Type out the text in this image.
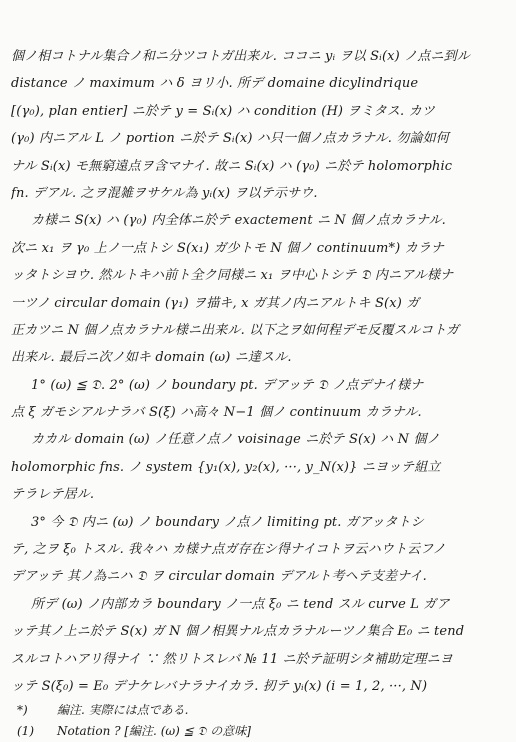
個ノ相コトナル集合ノ和ニ分ツコトガ出来ル. ココニ yᵢ ヲ以 Sᵢ(x) ノ点ニ到ル
distance ノ maximum ハ δ ヨリ小. 所デ domaine dicylindrique
[(γ₀), plan entier] ニ於テ y = Sᵢ(x) ハ condition (H) ヲミタス. カツ
(γ₀) 内ニアル L ノ portion ニ於テ Sᵢ(x) ハ只一個ノ点カラナル. 勿論如何
ナル Sᵢ(x) モ無窮遠点ヲ含マナイ. 故ニ Sᵢ(x) ハ (γ₀) ニ於テ holomorphic
fn. デアル. 之ヲ混雑ヲサケル為 yᵢ(x) ヲ以テ示サウ.
カ様ニ S(x) ハ (γ₀) 内全体ニ於テ exactement ニ N 個ノ点カラナル.
次ニ x₁ ヲ γ₀ 上ノ一点トシ S(x₁) ガ少トモ N 個ノ continuum*) カラナ
ッタトシヨウ. 然ルトキハ前ト全ク同様ニ x₁ ヲ中心トシテ 𝔇 内ニアル様ナ
一ツノ circular domain (γ₁) ヲ描キ, x ガ其ノ内ニアルトキ S(x) ガ
正カツニ N 個ノ点カラナル様ニ出来ル. 以下之ヲ如何程デモ反覆スルコトガ
出来ル. 最后ニ次ノ如キ domain (ω) ニ達スル.
1° (ω) ≦ 𝔇. 2° (ω) ノ boundary pt. デアッテ 𝔇 ノ点デナイ様ナ
点 ξ ガモシアルナラバ S(ξ) ハ高々 N−1 個ノ continuum カラナル.
カカル domain (ω) ノ任意ノ点ノ voisinage ニ於テ S(x) ハ N 個ノ
holomorphic fns. ノ system {y₁(x), y₂(x), ···, y_N(x)} ニヨッテ組立
テラレテ居ル.
3° 今 𝔇 内ニ (ω) ノ boundary ノ点ノ limiting pt. ガアッタトシ
テ, 之ヲ ξ₀ トスル. 我々ハ カ様ナ点ガ存在シ得ナイコトヲ云ハウト云フノ
デアッテ 其ノ為ニハ 𝔇 ヲ circular domain デアルト考ヘテ支差ナイ.
所デ (ω) ノ内部カラ boundary ノ一点 ξ₀ ニ tend スル curve L ガア
ッテ其ノ上ニ於テ S(x) ガ N 個ノ相異ナル点カラナルーツノ集合 E₀ ニ tend
スルコトハアリ得ナイ ∵ 然リトスレバ № 11 ニ於テ証明シタ補助定理ニヨ
ッテ S(ξ₀) = E₀ デナケレバナラナイカラ. 扨テ yᵢ(x) (i = 1, 2, ···, N)
*) 編注. 実際には点である.
(1) Notation ? [編注. (ω) ≦ 𝔇 の意味]
